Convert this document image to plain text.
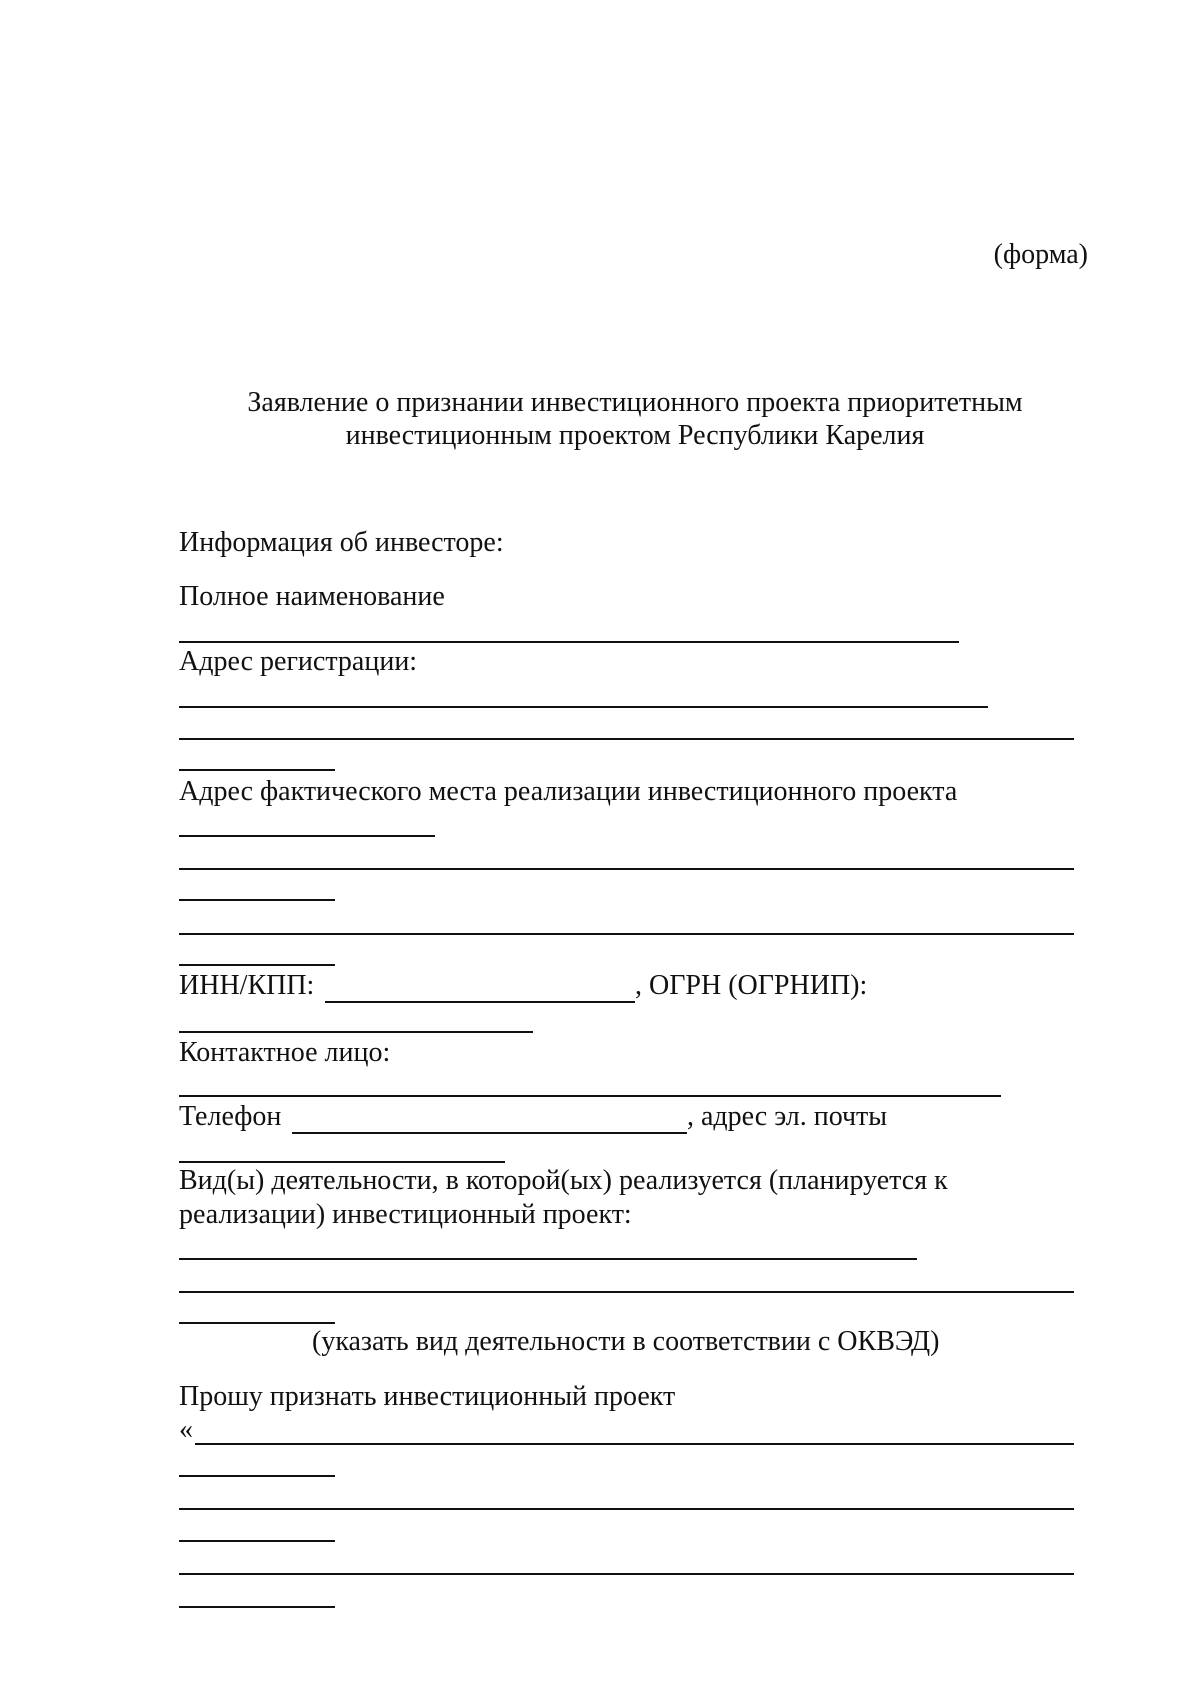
(форма)
Заявление о признании инвестиционного проекта приоритетным
инвестиционным проектом Республики Карелия
Информация об инвесторе:
Полное наименование
Адрес регистрации:
Адрес фактического места реализации инвестиционного проекта
ИНН/КПП:	, ОГРН (ОГРНИП):
Контактное лицо:
Телефон	, адрес эл. почты
Вид(ы) деятельности, в которой(ых) реализуется (планируется к
реализации) инвестиционный проект:
(указать вид деятельности в соответствии с ОКВЭД)
Прошу признать инвестиционный проект
«
